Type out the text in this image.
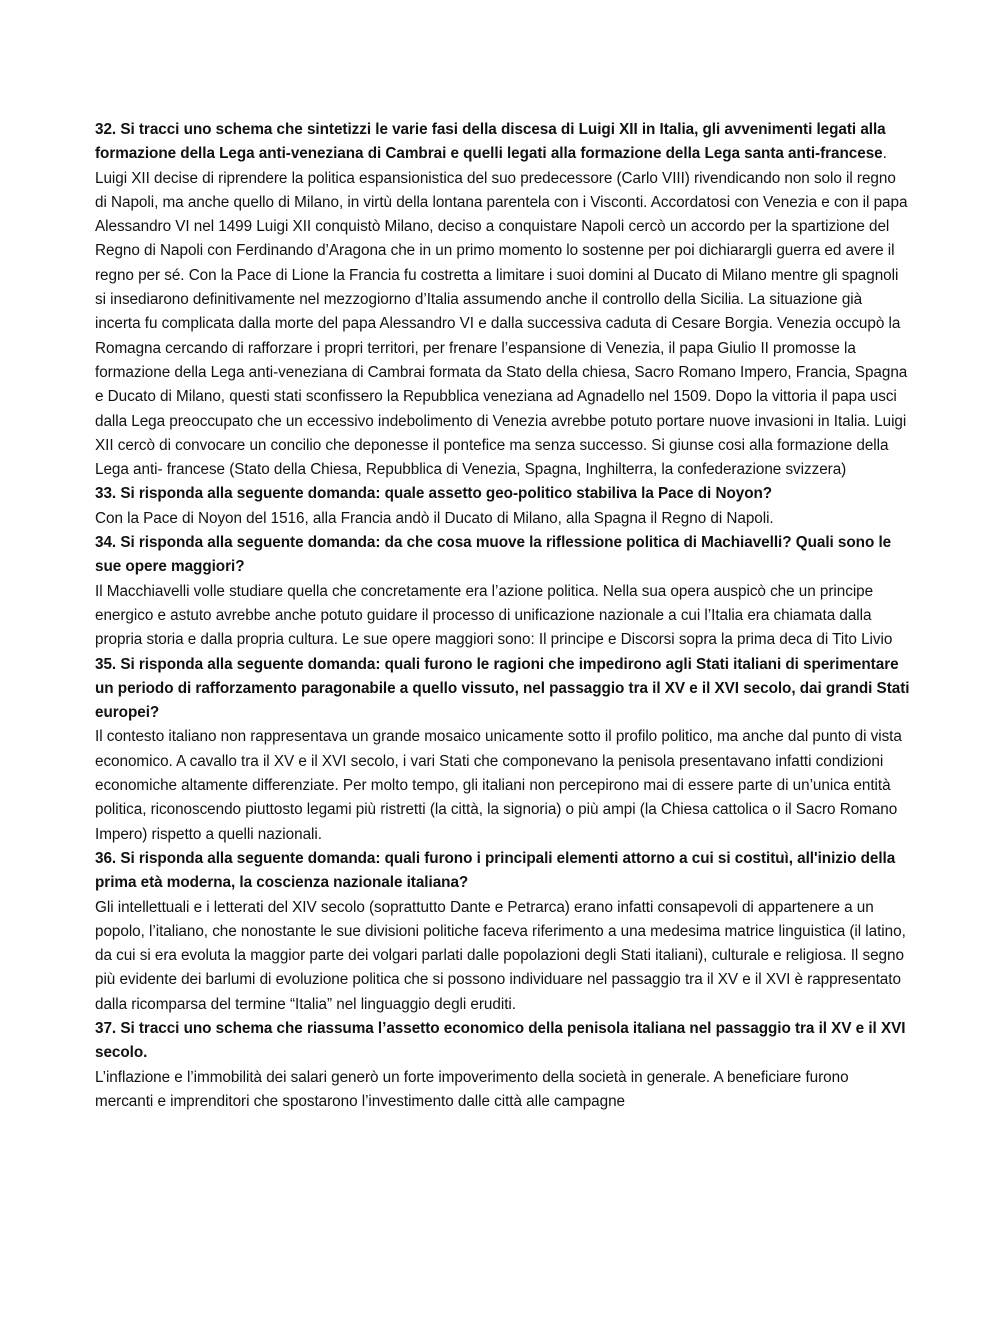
32. Si tracci uno schema che sintetizzi le varie fasi della discesa di Luigi XII in Italia, gli avvenimenti legati alla formazione della Lega anti-veneziana di Cambrai e quelli legati alla formazione della Lega santa anti-francese.

Luigi XII decise di riprendere la politica espansionistica del suo predecessore (Carlo VIII) rivendicando non solo il regno di Napoli, ma anche quello di Milano, in virtù della lontana parentela con i Visconti. Accordatosi con Venezia e con il papa Alessandro VI nel 1499 Luigi XII conquistò Milano, deciso a conquistare Napoli cercò un accordo per la spartizione del Regno di Napoli con Ferdinando d’Aragona che in un primo momento lo sostenne per poi dichiarargli guerra ed avere il regno per sé. Con la Pace di Lione la Francia fu costretta a limitare i suoi domini al Ducato di Milano mentre gli spagnoli si insediarono definitivamente nel mezzogiorno d’Italia assumendo anche il controllo della Sicilia. La situazione già incerta fu complicata dalla morte del papa Alessandro VI e dalla successiva caduta di Cesare Borgia. Venezia occupò la Romagna cercando di rafforzare i propri territori, per frenare l’espansione di Venezia, il papa Giulio II promosse la formazione della Lega anti-veneziana di Cambrai formata da Stato della chiesa, Sacro Romano Impero, Francia, Spagna e Ducato di Milano, questi stati sconfissero la Repubblica veneziana ad Agnadello nel 1509. Dopo la vittoria il papa usci dalla Lega preoccupato che un eccessivo indebolimento di Venezia avrebbe potuto portare nuove invasioni in Italia. Luigi XII cercò di convocare un concilio che deponesse il pontefice ma senza successo. Si giunse cosi alla formazione della Lega anti- francese (Stato della Chiesa, Repubblica di Venezia, Spagna, Inghilterra, la confederazione svizzera)

33. Si risponda alla seguente domanda: quale assetto geo-politico stabiliva la Pace di Noyon?

Con la Pace di Noyon del 1516, alla Francia andò il Ducato di Milano, alla Spagna il Regno di Napoli.

34. Si risponda alla seguente domanda: da che cosa muove la riflessione politica di Machiavelli? Quali sono le sue opere maggiori?

Il Macchiavelli volle studiare quella che concretamente era l’azione politica. Nella sua opera auspicò che un principe energico e astuto avrebbe anche potuto guidare il processo di unificazione nazionale a cui l’Italia era chiamata dalla propria storia e dalla propria cultura. Le sue opere maggiori sono: Il principe e Discorsi sopra la prima deca di Tito Livio

35. Si risponda alla seguente domanda: quali furono le ragioni che impedirono agli Stati italiani di sperimentare un periodo di rafforzamento paragonabile a quello vissuto, nel passaggio tra il XV e il XVI secolo, dai grandi Stati europei?

Il contesto italiano non rappresentava un grande mosaico unicamente sotto il profilo politico, ma anche dal punto di vista economico. A cavallo tra il XV e il XVI secolo, i vari Stati che componevano la penisola presentavano infatti condizioni economiche altamente differenziate. Per molto tempo, gli italiani non percepirono mai di essere parte di un’unica entità politica, riconoscendo piuttosto legami più ristretti (la città, la signoria) o più ampi (la Chiesa cattolica o il Sacro Romano Impero) rispetto a quelli nazionali.

36. Si risponda alla seguente domanda: quali furono i principali elementi attorno a cui si costituì, all'inizio della prima età moderna, la coscienza nazionale italiana?

Gli intellettuali e i letterati del XIV secolo (soprattutto Dante e Petrarca) erano infatti consapevoli di appartenere a un popolo, l’italiano, che nonostante le sue divisioni politiche faceva riferimento a una medesima matrice linguistica (il latino, da cui si era evoluta la maggior parte dei volgari parlati dalle popolazioni degli Stati italiani), culturale e religiosa. Il segno più evidente dei barlumi di evoluzione politica che si possono individuare nel passaggio tra il XV e il XVI è rappresentato dalla ricomparsa del termine “Italia” nel linguaggio degli eruditi.

37. Si tracci uno schema che riassuma l’assetto economico della penisola italiana nel passaggio tra il XV e il XVI secolo.

L’inflazione e l’immobilità dei salari generò un forte impoverimento della società in generale. A beneficiare furono mercanti e imprenditori che spostarono l’investimento dalle città alle campagne
